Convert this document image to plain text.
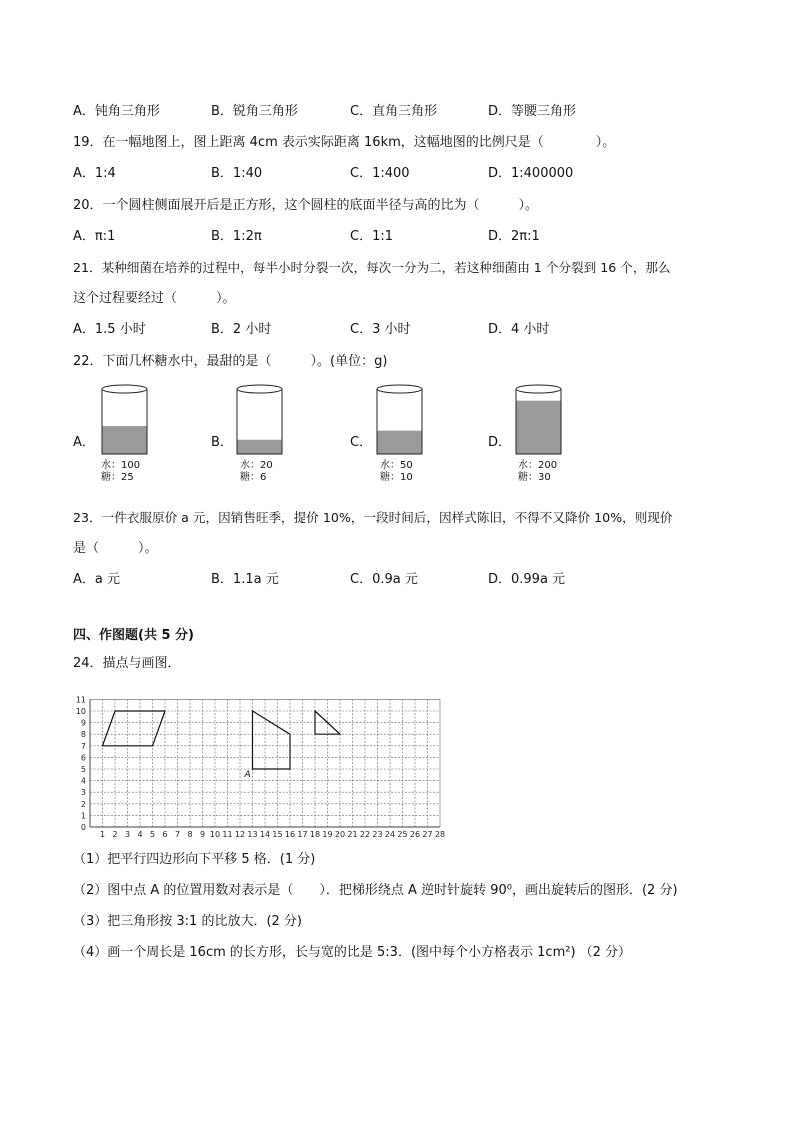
A．钝角三角形	B．锐角三角形	C．直角三角形	D．等腰三角形
19．在一幅地图上，图上距离 4cm 表示实际距离 16km，这幅地图的比例尺是（　　　　）。
A．1:4	B．1:40	C．1:400	D．1:400000
20．一个圆柱侧面展开后是正方形，这个圆柱的底面半径与高的比为（　　　）。
A．π:1	B．1:2π	C．1:1	D．2π:1
21．某种细菌在培养的过程中，每半小时分裂一次，每次一分为二，若这种细菌由 1 个分裂到 16 个，那么
这个过程要经过（　　　）。
A．1.5 小时	B．2 小时	C．3 小时	D．4 小时
22．下面几杯糖水中，最甜的是（　　　）。(单位：g)
A．
水：100
糖：25
B．
水：20
糖：6
C．
水：50
糖：10
D．
水：200
糖：30
23．一件衣服原价 a 元，因销售旺季，提价 10%，一段时间后，因样式陈旧，不得不又降价 10%，则现价
是（　　　）。
A．a 元	B．1.1a 元	C．0.9a 元	D．0.99a 元
四、作图题(共 5 分)
24．描点与画图．
1 2 3 4 5 6 7 8 9 10 11 12 13 14 15 16 17 18 19 20 21 22 23 24 25 26 27 28
0
1
2
3
4
5
6
7
8
9
10
11
A
（1）把平行四边形向下平移 5 格．(1 分)
（2）图中点 A 的位置用数对表示是（　　）．把梯形绕点 A 逆时针旋转 90⁰，画出旋转后的图形．(2 分)
（3）把三角形按 3:1 的比放大．(2 分)
（4）画一个周长是 16cm 的长方形，长与宽的比是 5:3．(图中每个小方格表示 1cm²) （2 分）
